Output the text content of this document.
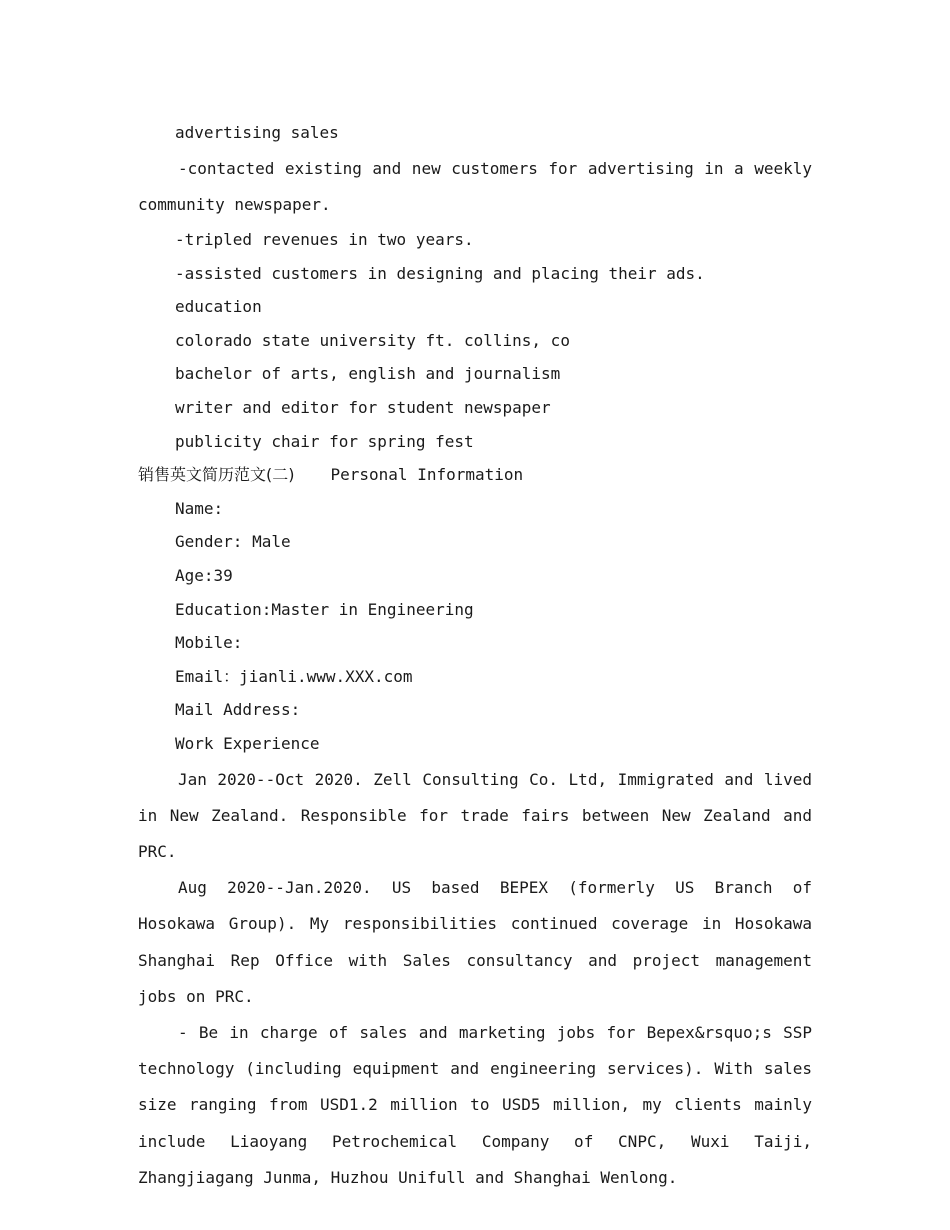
advertising sales

-contacted existing and new customers for advertising in a weekly community newspaper.

-tripled revenues in two years.

-assisted customers in designing and placing their ads.

education

colorado state university ft. collins, co

bachelor of arts, english and journalism

writer and editor for student newspaper

publicity chair for spring fest

销售英文简历范文(二) Personal Information

Name:

Gender: Male

Age:39

Education:Master in Engineering

Mobile:

Email：jianli.www.XXX.com

Mail Address:

Work Experience

Jan 2020--Oct 2020. Zell Consulting Co. Ltd, Immigrated and lived in New Zealand. Responsible for trade fairs between New Zealand and PRC.

Aug 2020--Jan.2020. US based BEPEX (formerly US Branch of Hosokawa Group). My responsibilities continued coverage in Hosokawa Shanghai Rep Office with Sales consultancy and project management jobs on PRC.

- Be in charge of sales and marketing jobs for Bepex&rsquo;s SSP technology (including equipment and engineering services). With sales size ranging from USD1.2 million to USD5 million, my clients mainly include Liaoyang Petrochemical Company of CNPC, Wuxi Taiji, Zhangjiagang Junma, Huzhou Unifull and Shanghai Wenlong.
